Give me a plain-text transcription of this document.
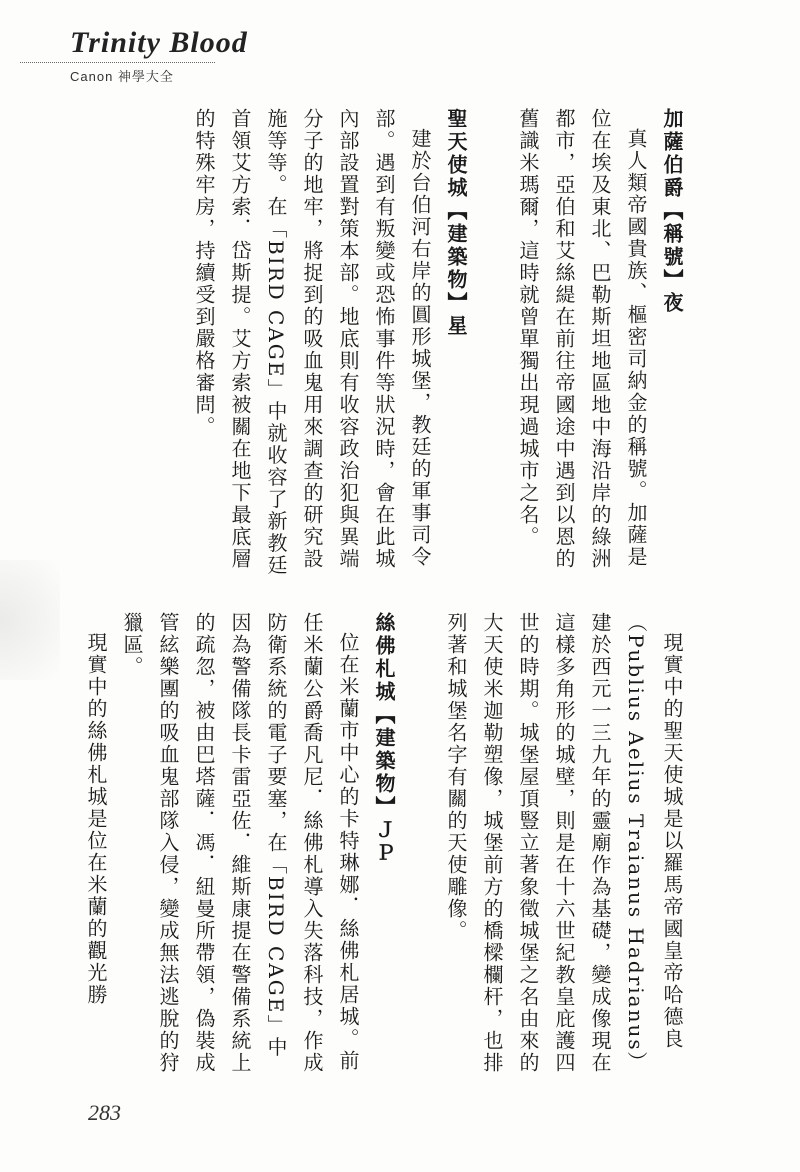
Trinity Blood
Canon 神學大全

加薩伯爵【稱號】夜

真人類帝國貴族、樞密司納金的稱號。加薩是位在埃及東北、巴勒斯坦地區地中海沿岸的綠洲都市，亞伯和艾絲緹在前往帝國途中遇到以恩的舊識米瑪爾，這時就曾單獨出現過城市之名。

聖天使城【建築物】星

建於台伯河右岸的圓形城堡，教廷的軍事司令部。遇到有叛變或恐怖事件等狀況時，會在此城內部設置對策本部。地底則有收容政治犯與異端分子的地牢，將捉到的吸血鬼用來調查的研究設施等等。在「BIRD CAGE」中就收容了新教廷首領艾方索．岱斯提。艾方索被關在地下最底層的特殊牢房，持續受到嚴格審問。

現實中的聖天使城是以羅馬帝國皇帝哈德良（Publius Aelius Traianus Hadrianus）建於西元一三九年的靈廟作為基礎，變成像現在這樣多角形的城壁，則是在十六世紀教皇庇護四世的時期。城堡屋頂豎立著象徵城堡之名由來的大天使米迦勒塑像，城堡前方的橋樑欄杆，也排列著和城堡名字有關的天使雕像。

絲佛札城【建築物】ＪＰ

位在米蘭市中心的卡特琳娜．絲佛札居城。前任米蘭公爵喬凡尼．絲佛札導入失落科技，作成防衛系統的電子要塞，在「BIRD CAGE」中因為警備隊長卡雷亞佐．維斯康提在警備系統上的疏忽，被由巴塔薩．馮．紐曼所帶領，偽裝成管絃樂團的吸血鬼部隊入侵，變成無法逃脫的狩獵區。

現實中的絲佛札城是位在米蘭的觀光勝

283
